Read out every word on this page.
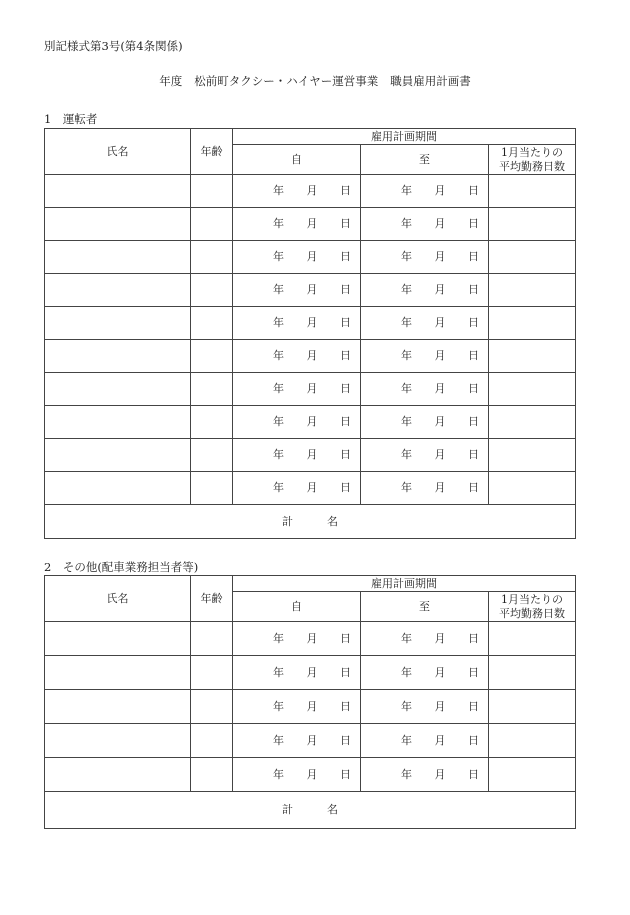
別記様式第3号(第4条関係)
年度 松前町タクシー・ハイヤー運営事業 職員雇用計画書
1　運転者
氏名	年齢	雇用計画期間		
		自	至	1月当たりの
平均勤務日数

		年 月 日	年 月 日	

		年 月 日	年 月 日	

		年 月 日	年 月 日	

		年 月 日	年 月 日	

		年 月 日	年 月 日	

		年 月 日	年 月 日	

		年 月 日	年 月 日	

		年 月 日	年 月 日	

		年 月 日	年 月 日	

		年 月 日	年 月 日	

計 名				
2　その他(配車業務担当者等)
氏名	年齢	雇用計画期間		
		自	至	1月当たりの
平均勤務日数

		年 月 日	年 月 日	

		年 月 日	年 月 日	

		年 月 日	年 月 日	

		年 月 日	年 月 日	

		年 月 日	年 月 日	

計 名				
